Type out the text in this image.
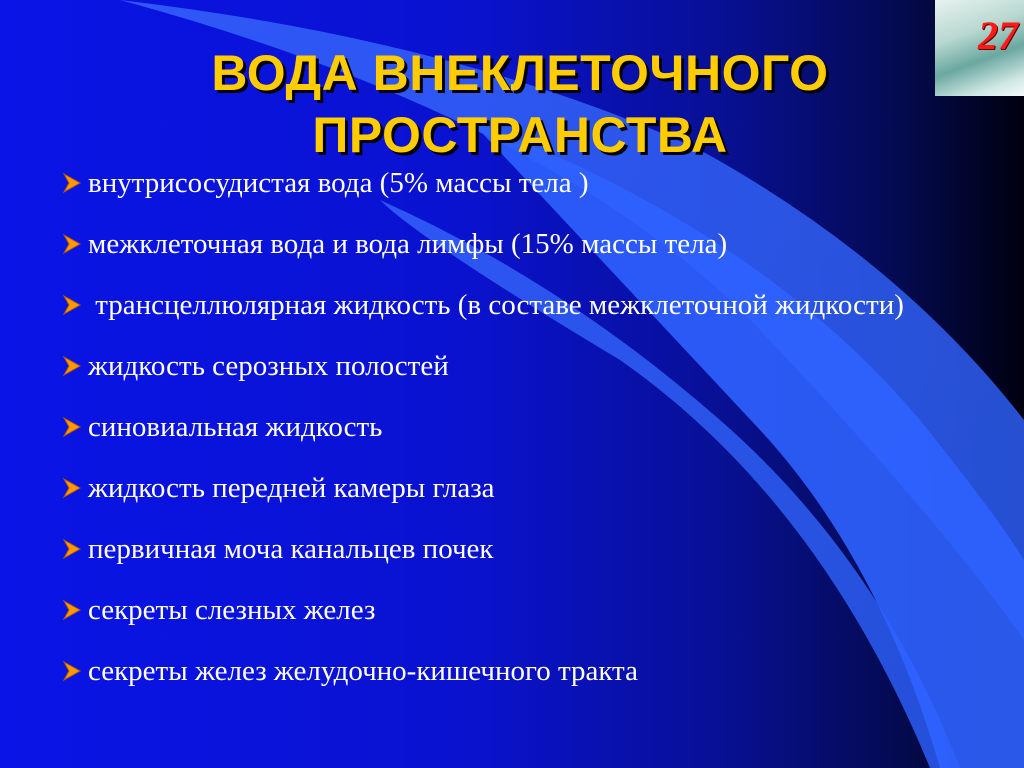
ВОДА ВНЕКЛЕТОЧНОГО
ПРОСТРАНСТВА
27
внутрисосудистая вода (5% массы тела )
межклеточная вода и вода лимфы (15% массы тела)
трансцеллюлярная жидкость (в составе межклеточной жидкости)
жидкость серозных полостей
синовиальная жидкость
жидкость передней камеры глаза
первичная моча канальцев почек
секреты слезных желез
секреты желез желудочно-кишечного тракта
